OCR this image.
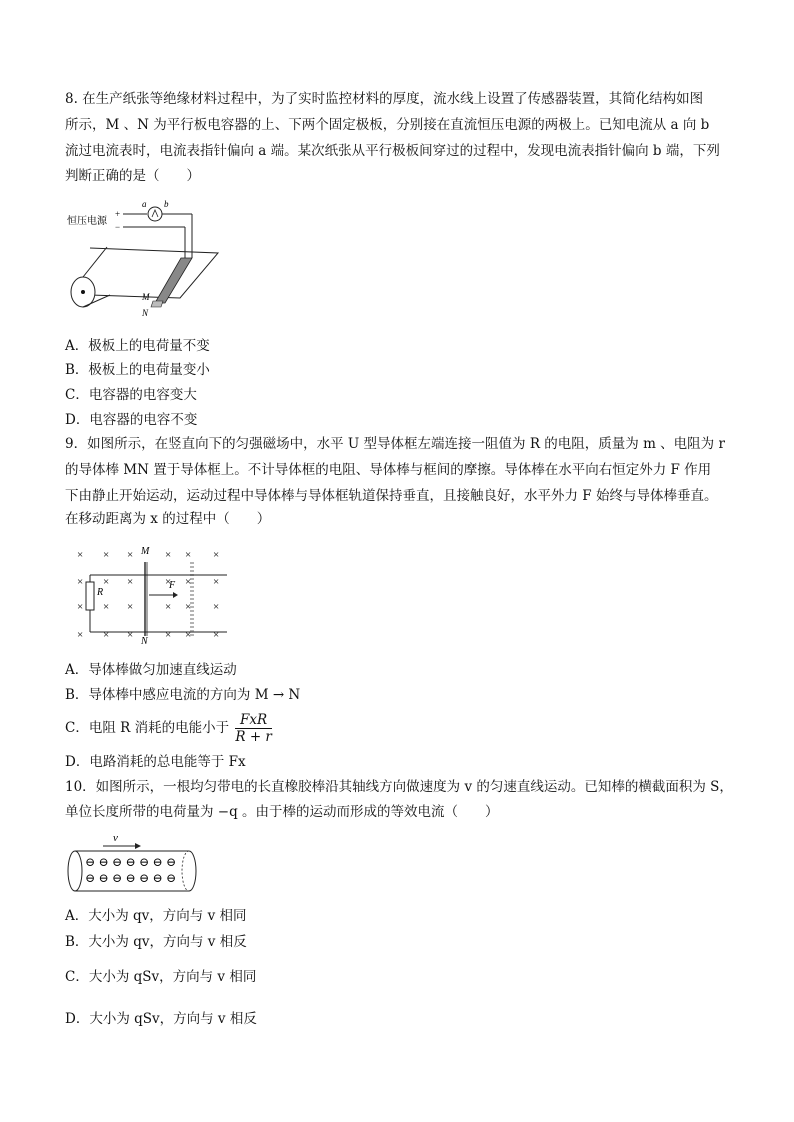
8. 在生产纸张等绝缘材料过程中，为了实时监控材料的厚度，流水线上设置了传感器装置，其简化结构如图
所示，M 、N 为平行板电容器的上、下两个固定极板，分别接在直流恒压电源的两极上。已知电流从 a 向 b
流过电流表时，电流表指针偏向 a 端。某次纸张从平行极板间穿过的过程中，发现电流表指针偏向 b 端，下列
判断正确的是（　　）
恒压电源
+
−
a b
M
N
A．极板上的电荷量不变
B．极板上的电荷量变小
C．电容器的电容变大
D．电容器的电容不变
9．如图所示，在竖直向下的匀强磁场中，水平 U 型导体框左端连接一阻值为 R 的电阻，质量为 m 、电阻为 r
的导体棒 MN 置于导体框上。不计导体框的电阻、导体棒与框间的摩擦。导体棒在水平向右恒定外力 F 作用
下由静止开始运动，运动过程中导体棒与导体框轨道保持垂直，且接触良好，水平外力 F 始终与导体棒垂直。
在移动距离为 x 的过程中（　　）
× × ×	× × ×
× × ×	× × ×
× × ×	× × ×
× × ×	× × ×
R
M
N
F
A．导体棒做匀加速直线运动
B．导体棒中感应电流的方向为 M → N
C．电阻 R 消耗的电能小于 $\frac{\text{FxR}}{R + r}$
D．电路消耗的总电能等于 Fx
10．如图所示，一根均匀带电的长直橡胶棒沿其轴线方向做速度为 v 的匀速直线运动。已知棒的横截面积为 S，
单位长度所带的电荷量为 −q 。由于棒的运动而形成的等效电流（　　）
v
⊖ ⊖ ⊖ ⊖ ⊖ ⊖ ⊖
⊖ ⊖ ⊖ ⊖ ⊖ ⊖ ⊖
A．大小为 qv，方向与 v 相同
B．大小为 qv，方向与 v 相反
C．大小为 qSv，方向与 v 相同
D．大小为 qSv，方向与 v 相反
